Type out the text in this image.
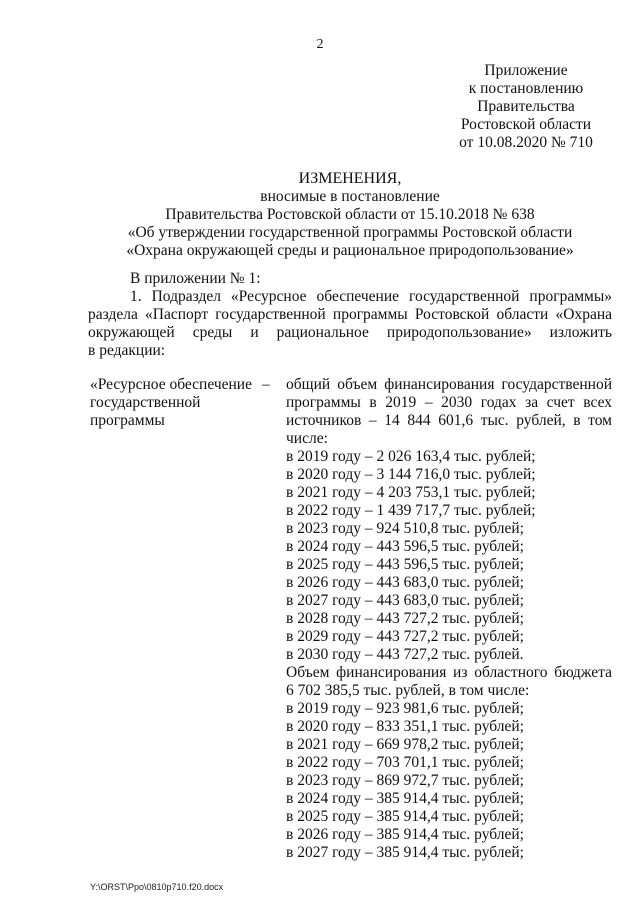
2
Приложение
к постановлению
Правительства
Ростовской области
от 10.08.2020 № 710
ИЗМЕНЕНИЯ,
вносимые в постановление
Правительства Ростовской области от 15.10.2018 № 638
«Об утверждении государственной программы Ростовской области
«Охрана окружающей среды и рациональное природопользование»
В приложении № 1:
1. Подраздел «Ресурсное обеспечение государственной программы»
раздела «Паспорт государственной программы Ростовской области «Охрана
окружающей среды и рациональное природопользование» изложить
в редакции:
«Ресурсное обеспечение –
государственной
программы
общий объем финансирования государственной
программы в 2019 – 2030 годах за счет всех
источников – 14 844 601,6 тыс. рублей, в том
числе:
в 2019 году – 2 026 163,4 тыс. рублей;
в 2020 году – 3 144 716,0 тыс. рублей;
в 2021 году – 4 203 753,1 тыс. рублей;
в 2022 году – 1 439 717,7 тыс. рублей;
в 2023 году – 924 510,8 тыс. рублей;
в 2024 году – 443 596,5 тыс. рублей;
в 2025 году – 443 596,5 тыс. рублей;
в 2026 году – 443 683,0 тыс. рублей;
в 2027 году – 443 683,0 тыс. рублей;
в 2028 году – 443 727,2 тыс. рублей;
в 2029 году – 443 727,2 тыс. рублей;
в 2030 году – 443 727,2 тыс. рублей.
Объем финансирования из областного бюджета
6 702 385,5 тыс. рублей, в том числе:
в 2019 году – 923 981,6 тыс. рублей;
в 2020 году – 833 351,1 тыс. рублей;
в 2021 году – 669 978,2 тыс. рублей;
в 2022 году – 703 701,1 тыс. рублей;
в 2023 году – 869 972,7 тыс. рублей;
в 2024 году – 385 914,4 тыс. рублей;
в 2025 году – 385 914,4 тыс. рублей;
в 2026 году – 385 914,4 тыс. рублей;
в 2027 году – 385 914,4 тыс. рублей;
Y:\ORST\Ppo\0810p710.f20.docx
